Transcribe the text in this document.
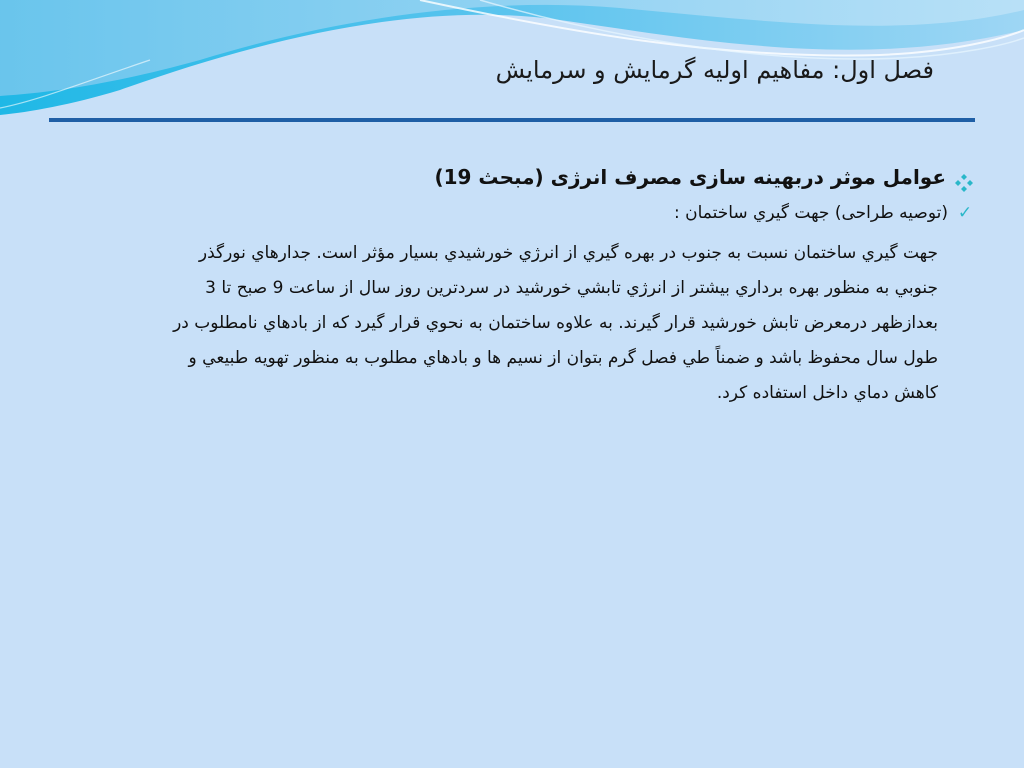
فصل اول: مفاهیم اولیه گرمایش و سرمایش
عوامل موثر دربهینه سازی مصرف انرژی (مبحث 19)
✓
(توصيه طراحی) جهت گيري ساختمان :
جهت گيري ساختمان نسبت به جنوب در بهره گيري از انرژي خورشيدي بسيار مؤثر است. جدارهاي نورگذر
جنوبي به منظور بهره برداري بيشتر از انرژي تابشي خورشيد در سردترين روز سال از ساعت 9 صبح تا 3
بعدازظهر درمعرض تابش خورشيد قرار گيرند. به علاوه ساختمان به نحوي قرار گيرد كه از بادهاي نامطلوب در
طول سال محفوظ باشد و ضمناً طي فصل گرم بتوان از نسيم ها و بادهاي مطلوب به منظور تهويه طبيعي و
كاهش دماي داخل استفاده كرد.
